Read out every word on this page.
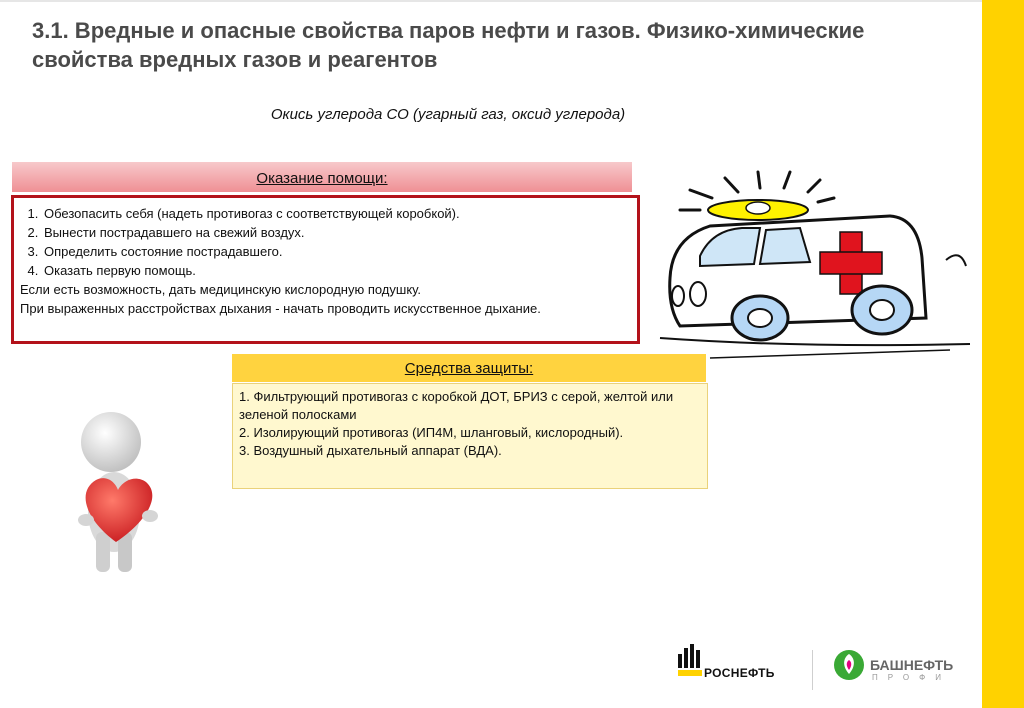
3.1. Вредные и опасные свойства паров нефти и газов. Физико-химические свойства вредных газов и реагентов
Окись углерода СО (угарный газ, оксид углерода)
Оказание помощи:
1. Обезопасить себя (надеть противогаз с соответствующей коробкой).
2. Вынести пострадавшего на свежий воздух.
3. Определить состояние пострадавшего.
4. Оказать первую помощь.

Если есть возможность, дать медицинскую кислородную подушку.

При выраженных расстройствах дыхания - начать проводить искусственное дыхание.

Средства защиты:

1. Фильтрующий противогаз с коробкой ДОТ, БРИЗ с серой, желтой или зеленой полосками

2. Изолирующий противогаз (ИП4М, шланговый, кислородный).

3. Воздушный дыхательный аппарат (ВДА).

РОСНЕФТЬ	БАШНЕФТЬ
ПРОФИ
